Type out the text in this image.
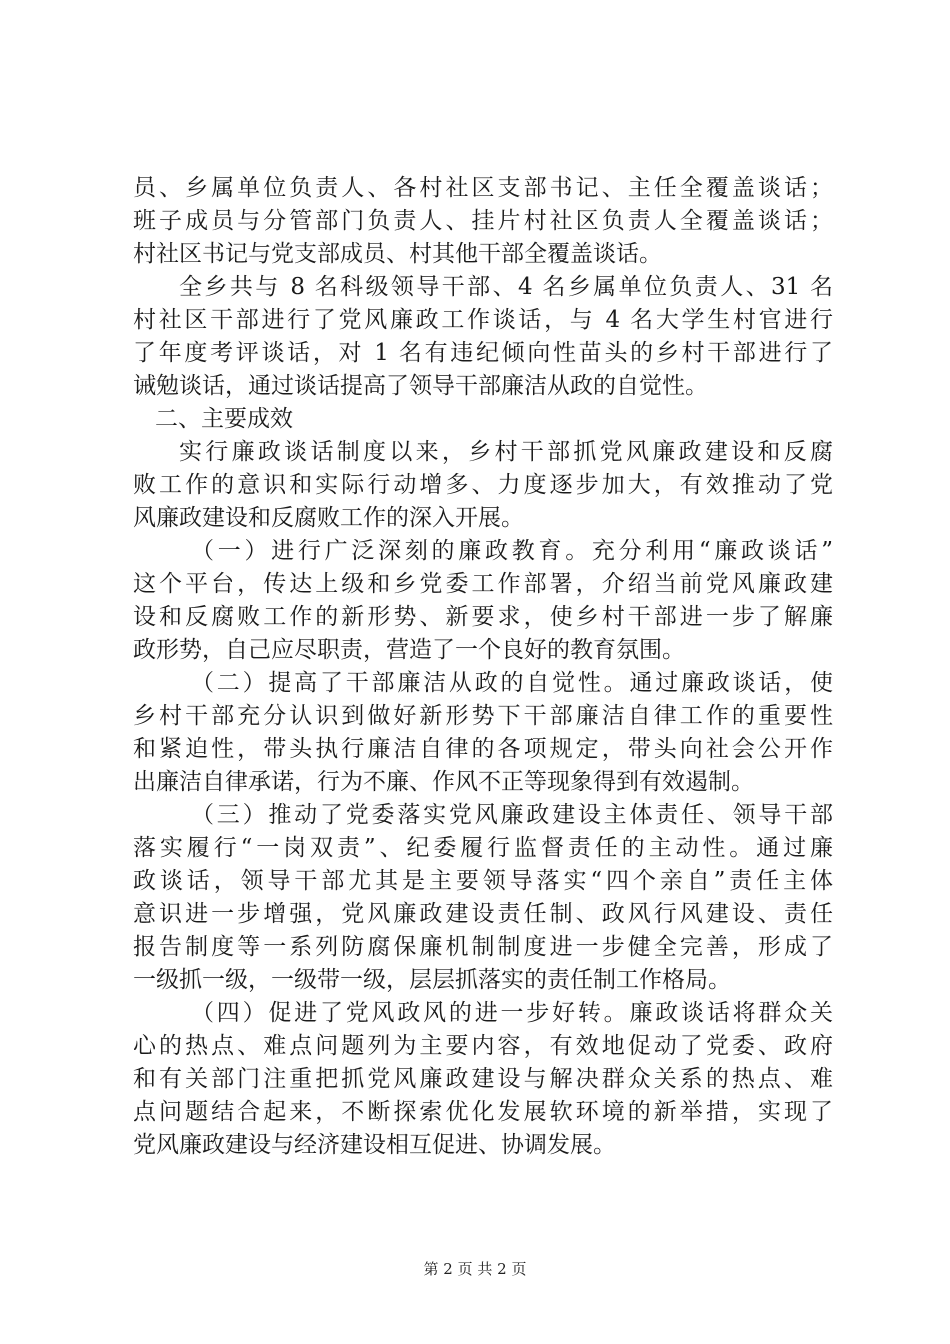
员、乡属单位负责人、各村社区支部书记、主任全覆盖谈话；
班子成员与分管部门负责人、挂片村社区负责人全覆盖谈话；
村社区书记与党支部成员、村其他干部全覆盖谈话。
全乡共与 8 名科级领导干部、4 名乡属单位负责人、31 名
村社区干部进行了党风廉政工作谈话，与 4 名大学生村官进行
了年度考评谈话，对 1 名有违纪倾向性苗头的乡村干部进行了
诫勉谈话，通过谈话提高了领导干部廉洁从政的自觉性。
二、主要成效
实行廉政谈话制度以来，乡村干部抓党风廉政建设和反腐
败工作的意识和实际行动增多、力度逐步加大，有效推动了党
风廉政建设和反腐败工作的深入开展。
（一）进行广泛深刻的廉政教育。充分利用“廉政谈话”
这个平台，传达上级和乡党委工作部署，介绍当前党风廉政建
设和反腐败工作的新形势、新要求，使乡村干部进一步了解廉
政形势，自己应尽职责，营造了一个良好的教育氛围。
（二）提高了干部廉洁从政的自觉性。通过廉政谈话，使
乡村干部充分认识到做好新形势下干部廉洁自律工作的重要性
和紧迫性，带头执行廉洁自律的各项规定，带头向社会公开作
出廉洁自律承诺，行为不廉、作风不正等现象得到有效遏制。
（三）推动了党委落实党风廉政建设主体责任、领导干部
落实履行“一岗双责”、纪委履行监督责任的主动性。通过廉
政谈话，领导干部尤其是主要领导落实“四个亲自”责任主体
意识进一步增强，党风廉政建设责任制、政风行风建设、责任
报告制度等一系列防腐保廉机制制度进一步健全完善，形成了
一级抓一级，一级带一级，层层抓落实的责任制工作格局。
（四）促进了党风政风的进一步好转。廉政谈话将群众关
心的热点、难点问题列为主要内容，有效地促动了党委、政府
和有关部门注重把抓党风廉政建设与解决群众关系的热点、难
点问题结合起来，不断探索优化发展软环境的新举措，实现了
党风廉政建设与经济建设相互促进、协调发展。
第 2 页 共 2 页
